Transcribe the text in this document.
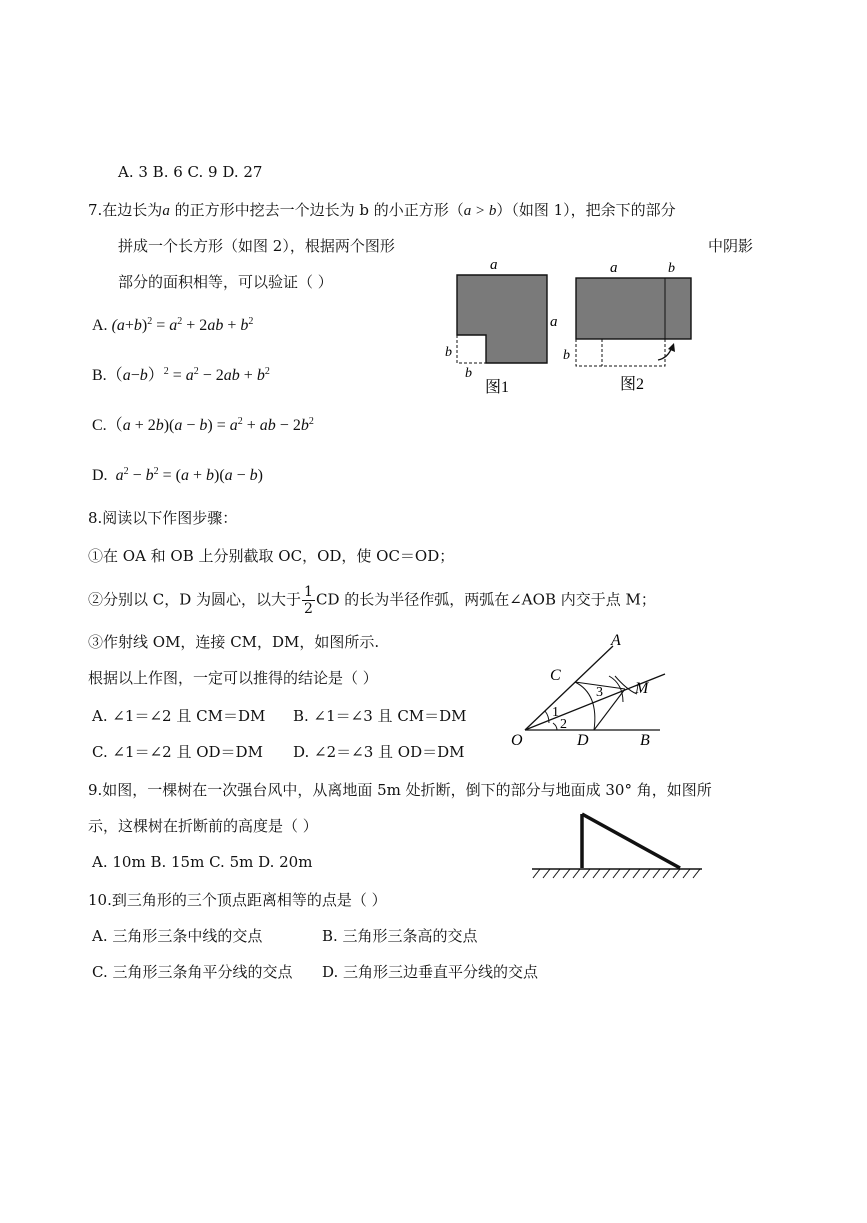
A. 3 B. 6 C. 9 D. 27
7.在边长为a 的正方形中挖去一个边长为 b 的小正方形（a > b）（如图 1），把余下的部分
拼成一个长方形（如图 2），根据两个图形	中阴影
部分的面积相等，可以验证（ ）
A. $(a+b)^2 = a^2 + 2ab + b^2$
$B.(a-b)^2 = a^2 - 2ab + b^2$
$C.(a + 2b)(a - b) = a^2$ + ab − $2b^2$
D. $a^2 - b^2 = (a + b)(a - b)$
a
a
b
b
图1
a	b
b
图2
8.阅读以下作图步骤：
①在 OA 和 OB 上分别截取 OC，OD，使 OC＝OD；
②分别以 C，D 为圆心，以大于 $\frac{1}{2}$ CD 的长为半径作弧，两弧在∠AOB 内交于点 M；
③作射线 OM，连接 CM，DM，如图所示.
根据以上作图，一定可以推得的结论是（ ）
A. ∠1＝∠2 且 CM＝DM B. ∠1＝∠3 且 CM＝DM
C. ∠1＝∠2 且 OD＝DM D. ∠2＝∠3 且 OD＝DM
A
B
C
D
O
M
1
2
3
9.如图，一棵树在一次强台风中，从离地面 5m 处折断，倒下的部分与地面成 30° 角，如图所
示，这棵树在折断前的高度是（ ）
A. 10m B. 15m C. 5m D. 20m
10.到三角形的三个顶点距离相等的点是（ ）
A. 三角形三条中线的交点	B. 三角形三条高的交点
C. 三角形三条角平分线的交点 D. 三角形三边垂直平分线的交点
